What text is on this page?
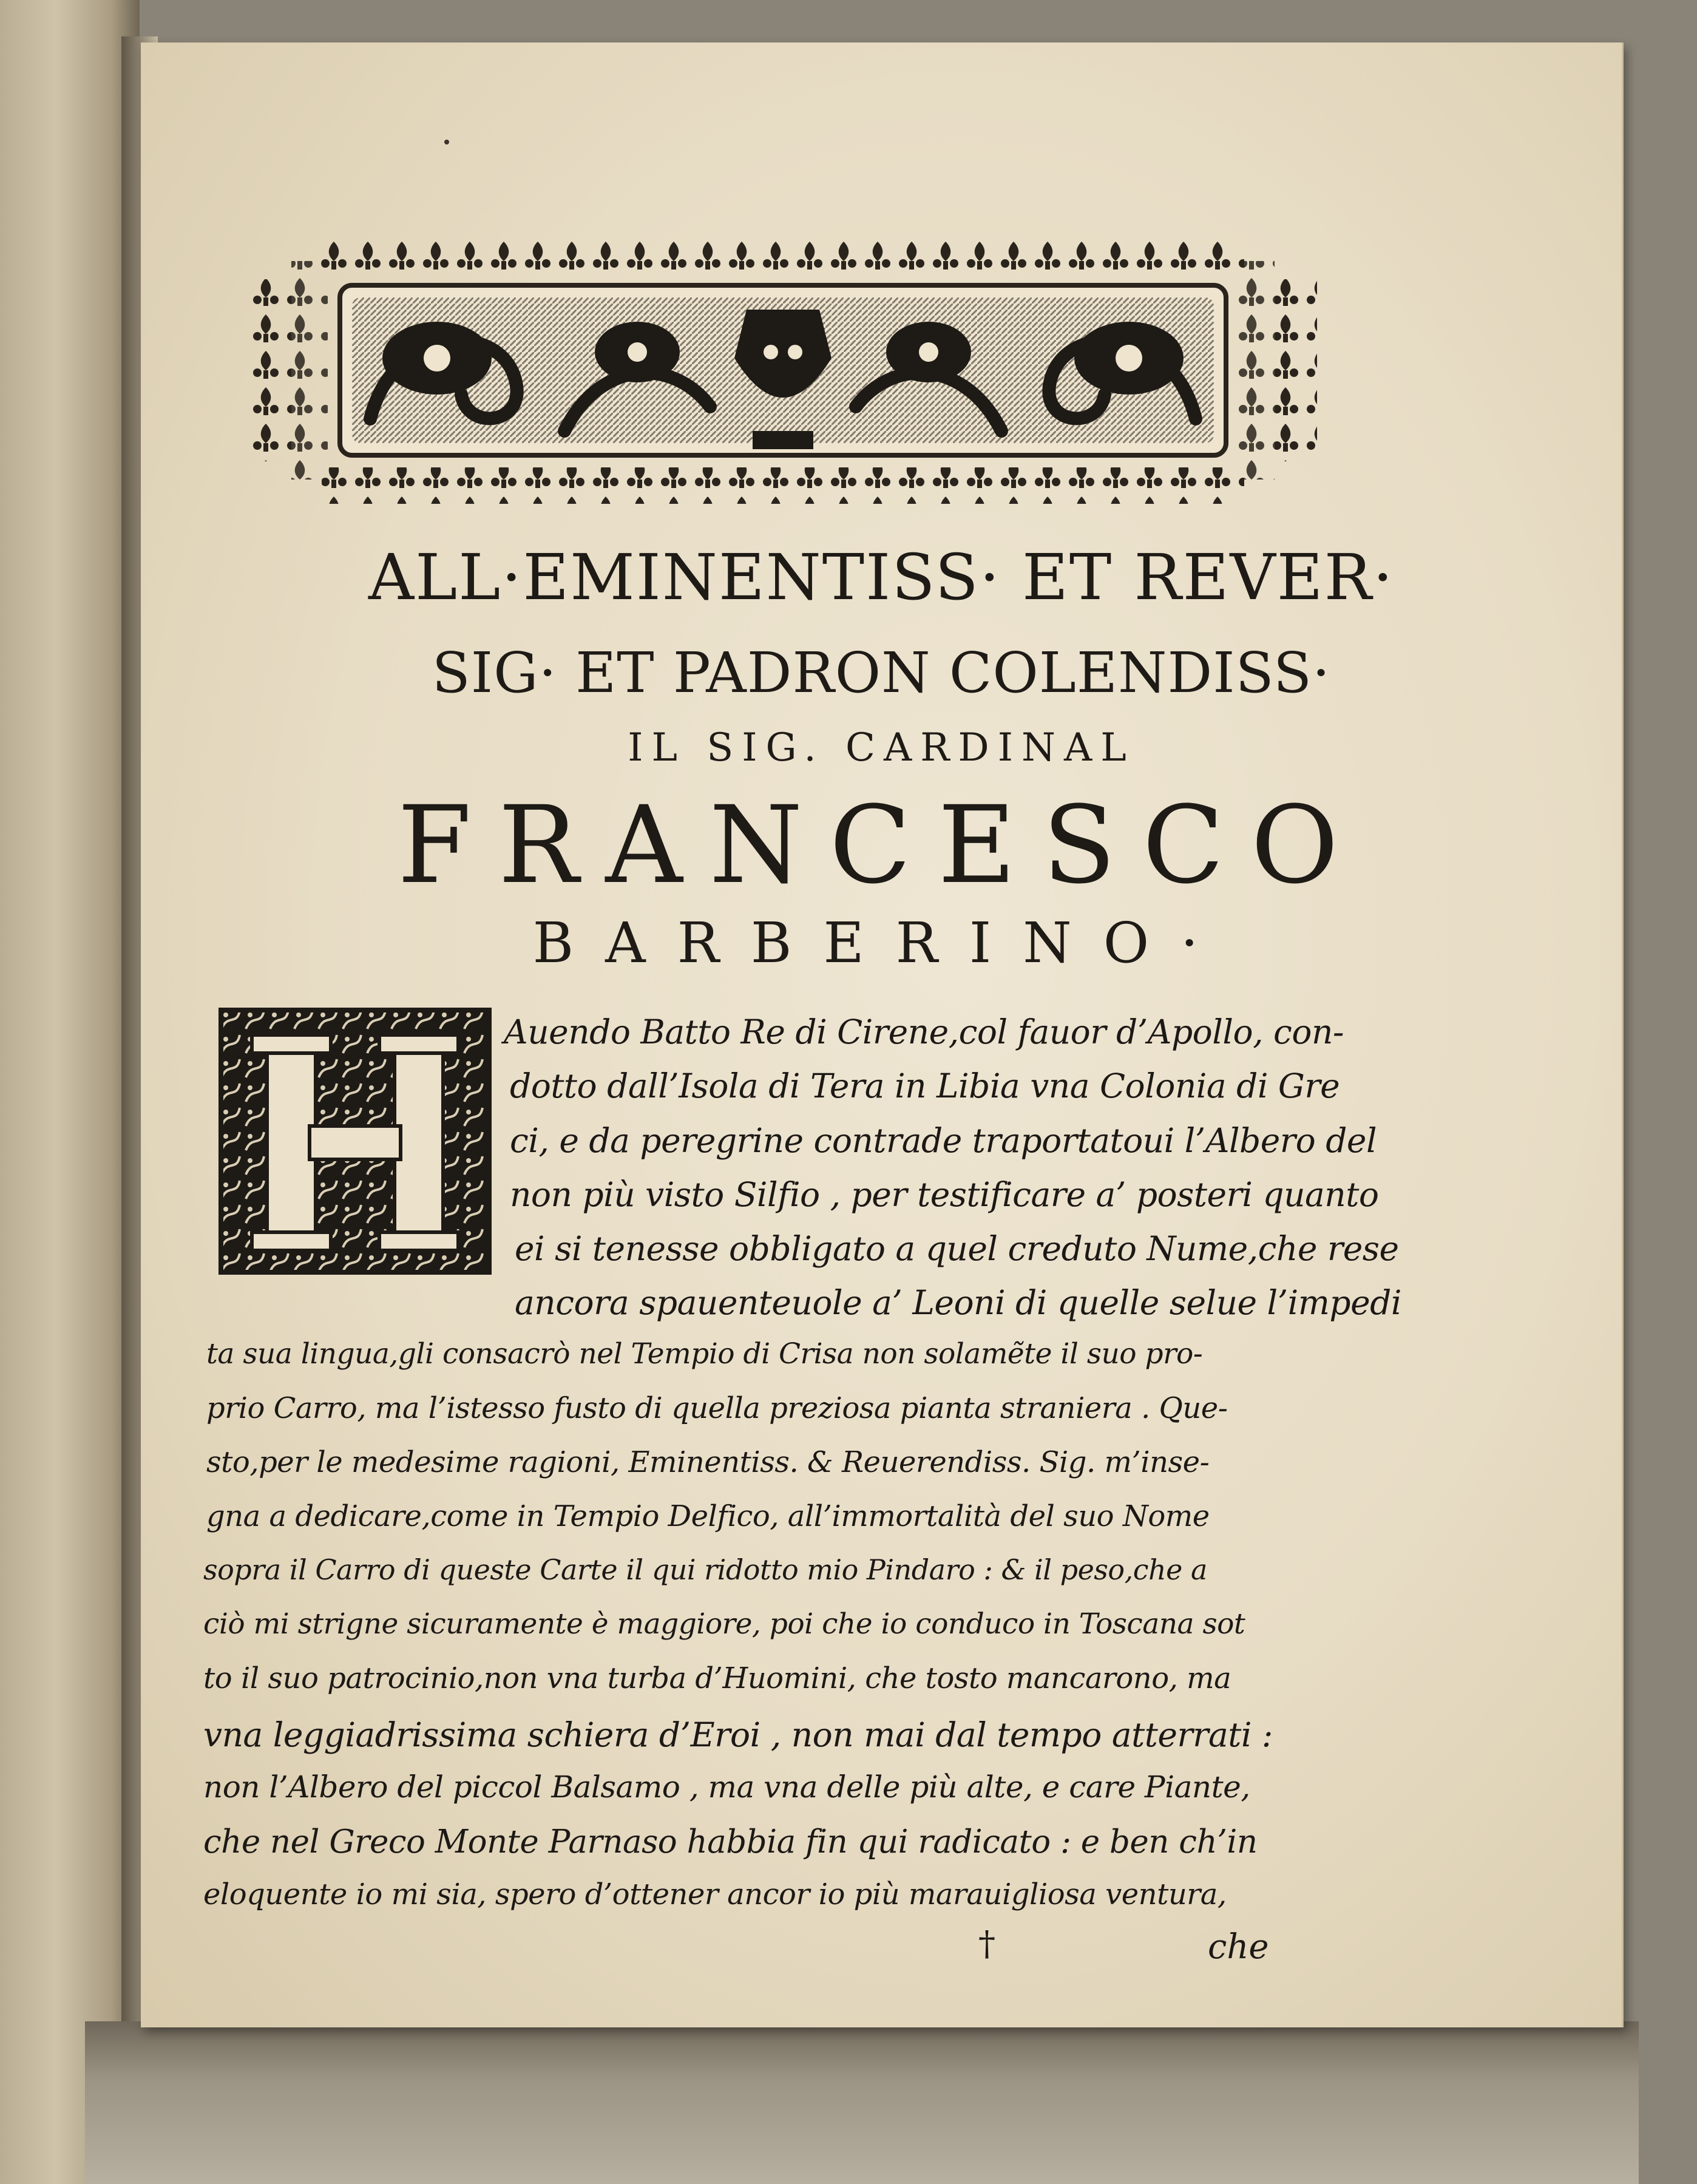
ALL·EMINENTISS· ET REVER·
SIG· ET PADRON COLENDISS·
IL SIG. CARDINAL
FRANCESCO
BARBERINO·
Auendo Batto Re di Cirene,col fauor d’Apollo, con-
dotto dall’Isola di Tera in Libia vna Colonia di Gre
ci, e da peregrine contrade traportatoui l’Albero del
non più visto Silfio , per testificare a’ posteri quanto
ei si tenesse obbligato a quel creduto Nume,che rese
ancora spauenteuole a’ Leoni di quelle selue l’impedi
ta sua lingua,gli consacrò nel Tempio di Crisa non solamẽte il suo pro-
prio Carro, ma l’istesso fusto di quella preziosa pianta straniera . Que-
sto,per le medesime ragioni, Eminentiss. & Reuerendiss. Sig. m’inse-
gna a dedicare,come in Tempio Delfico, all’immortalità del suo Nome
sopra il Carro di queste Carte il qui ridotto mio Pindaro : & il peso,che a
ciò mi strigne sicuramente è maggiore, poi che io conduco in Toscana sot
to il suo patrocinio,non vna turba d’Huomini, che tosto mancarono, ma
vna leggiadrissima schiera d’Eroi , non mai dal tempo atterrati :
non l’Albero del piccol Balsamo , ma vna delle più alte, e care Piante,
che nel Greco Monte Parnaso habbia fin qui radicato : e ben ch’in
eloquente io mi sia, spero d’ottener ancor io più marauigliosa ventura,
†	che
